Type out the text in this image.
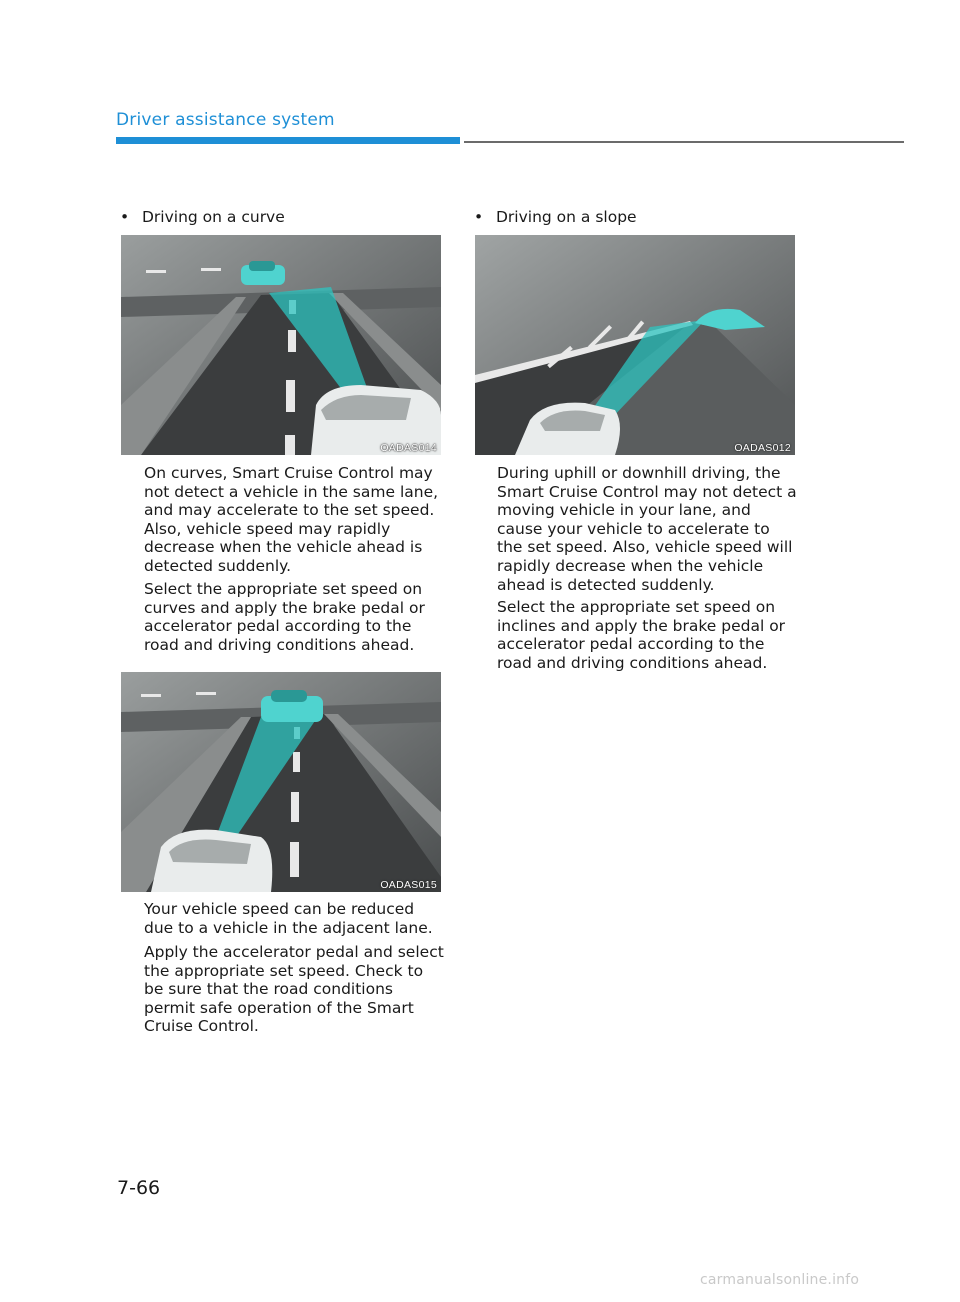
Driver assistance system
• Driving on a curve
OADAS014

On curves, Smart Cruise Control may not detect a vehicle in the same lane, and may accelerate to the set speed. Also, vehicle speed may rapidly decrease when the vehicle ahead is detected suddenly.

Select the appropriate set speed on curves and apply the brake pedal or accelerator pedal according to the road and driving conditions ahead.

OADAS015

Your vehicle speed can be reduced due to a vehicle in the adjacent lane.

Apply the accelerator pedal and select the appropriate set speed. Check to be sure that the road conditions permit safe operation of the Smart Cruise Control.

• Driving on a slope
OADAS012

During uphill or downhill driving, the Smart Cruise Control may not detect a moving vehicle in your lane, and cause your vehicle to accelerate to the set speed. Also, vehicle speed will rapidly decrease when the vehicle ahead is detected suddenly.

Select the appropriate set speed on inclines and apply the brake pedal or accelerator pedal according to the road and driving conditions ahead.

7-66
carmanualsonline.info
